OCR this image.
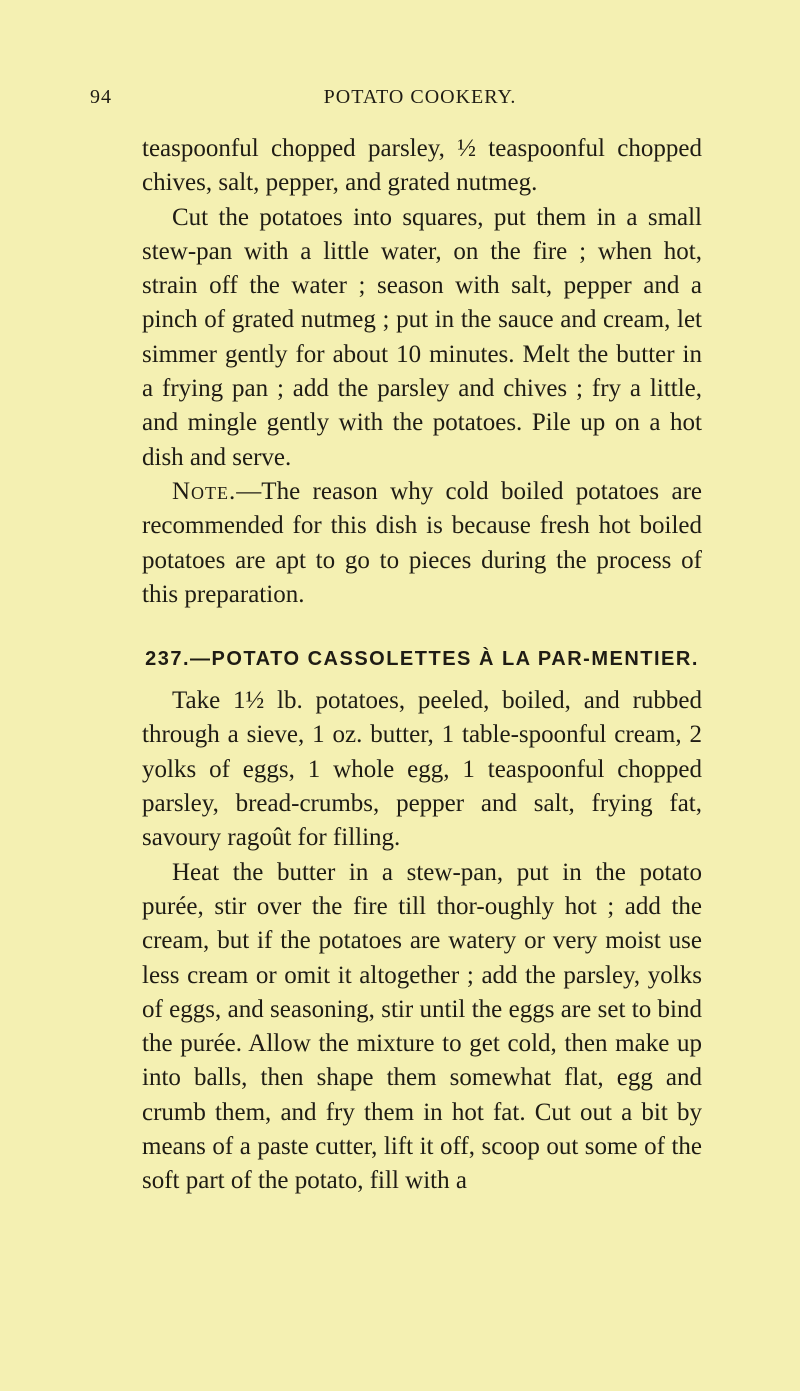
94	POTATO COOKERY.

teaspoonful chopped parsley, ½ teaspoonful chopped chives, salt, pepper, and grated nutmeg.

Cut the potatoes into squares, put them in a small stew-pan with a little water, on the fire ; when hot, strain off the water ; season with salt, pepper and a pinch of grated nutmeg ; put in the sauce and cream, let simmer gently for about 10 minutes. Melt the butter in a frying pan ; add the parsley and chives ; fry a little, and mingle gently with the potatoes. Pile up on a hot dish and serve.

Note.—The reason why cold boiled potatoes are recommended for this dish is because fresh hot boiled potatoes are apt to go to pieces during the process of this preparation.

237.—POTATO CASSOLETTES À LA PAR-MENTIER.

Take 1½ lb. potatoes, peeled, boiled, and rubbed through a sieve, 1 oz. butter, 1 table-spoonful cream, 2 yolks of eggs, 1 whole egg, 1 teaspoonful chopped parsley, bread-crumbs, pepper and salt, frying fat, savoury ragoût for filling.

Heat the butter in a stew-pan, put in the potato purée, stir over the fire till thor-oughly hot ; add the cream, but if the potatoes are watery or very moist use less cream or omit it altogether ; add the parsley, yolks of eggs, and seasoning, stir until the eggs are set to bind the purée. Allow the mixture to get cold, then make up into balls, then shape them somewhat flat, egg and crumb them, and fry them in hot fat. Cut out a bit by means of a paste cutter, lift it off, scoop out some of the soft part of the potato, fill with a
